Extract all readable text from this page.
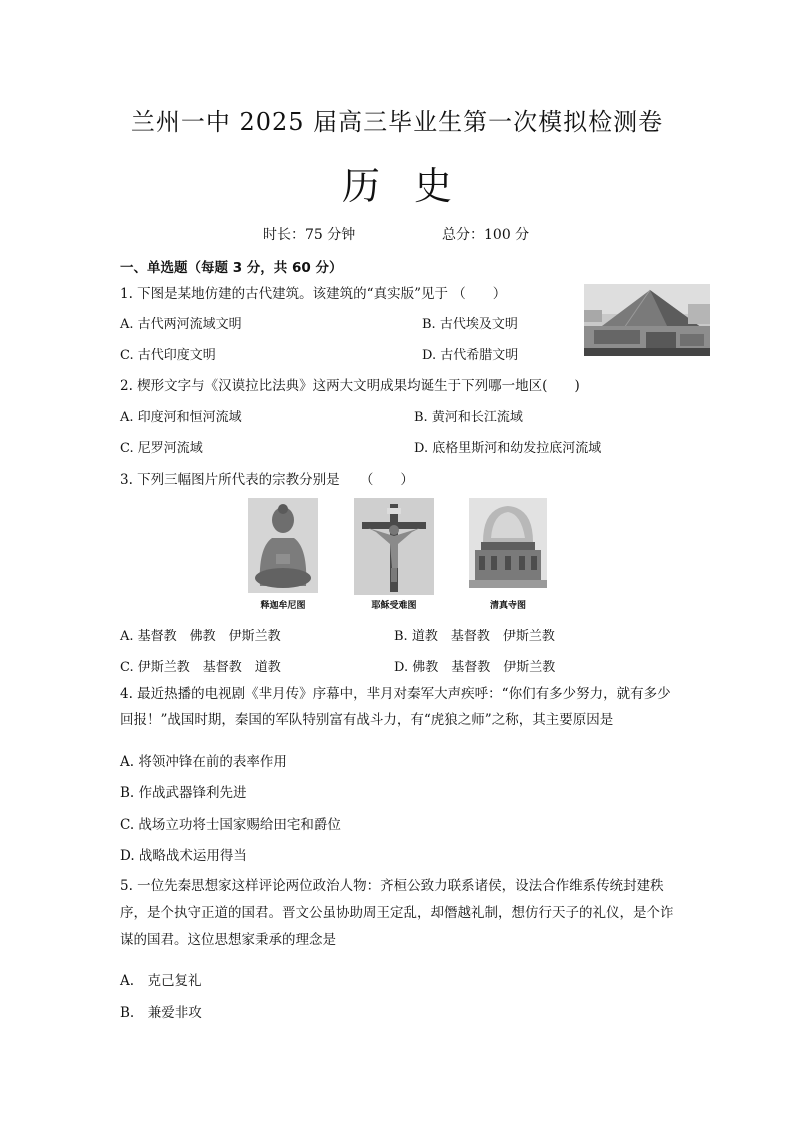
兰州一中 2025 届高三毕业生第一次模拟检测卷
历史
时长：75 分钟	总分：100 分
一、单选题（每题 3 分，共 60 分）
1. 下图是某地仿建的古代建筑。该建筑的“真实版”见于 （　　）
A. 古代两河流域文明	B. 古代埃及文明
C. 古代印度文明	D. 古代希腊文明
2. 楔形文字与《汉谟拉比法典》这两大文明成果均诞生于下列哪一地区(　　)
A. 印度河和恒河流域	B. 黄河和长江流域
C. 尼罗河流域	D. 底格里斯河和幼发拉底河流域
3. 下列三幅图片所代表的宗教分别是　　（　　）
释迦牟尼图	耶稣受难图	清真寺图
A. 基督教　佛教　伊斯兰教	B. 道教　基督教　伊斯兰教
C. 伊斯兰教　基督教　道教	D. 佛教　基督教　伊斯兰教
4. 最近热播的电视剧《芈月传》序幕中，芈月对秦军大声疾呼：“你们有多少努力，就有多少回报！”战国时期，秦国的军队特别富有战斗力，有“虎狼之师”之称，其主要原因是
A. 将领冲锋在前的表率作用
B. 作战武器锋利先进
C. 战场立功将士国家赐给田宅和爵位
D. 战略战术运用得当
5. 一位先秦思想家这样评论两位政治人物：齐桓公致力联系诸侯，设法合作维系传统封建秩序，是个执守正道的国君。晋文公虽协助周王定乱，却僭越礼制，想仿行天子的礼仪，是个诈谋的国君。这位思想家秉承的理念是
A.　克己复礼
B.　兼爱非攻
